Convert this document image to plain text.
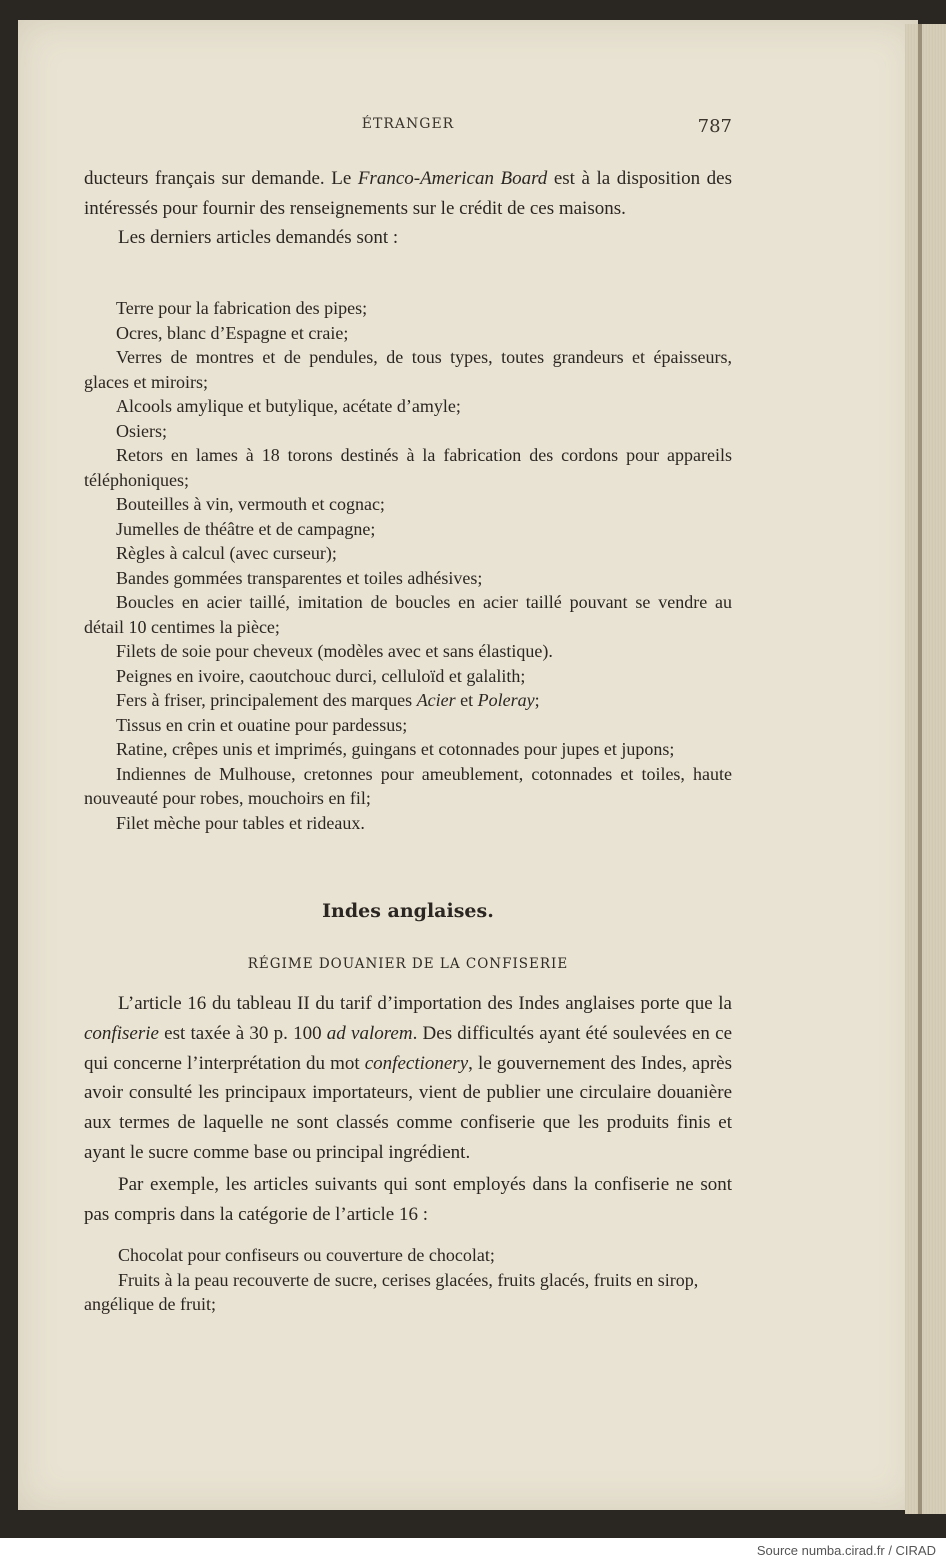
ÉTRANGER	787

ducteurs français sur demande. Le Franco-American Board est à la disposition des intéressés pour fournir des renseignements sur le crédit de ces maisons.

Les derniers articles demandés sont :

Terre pour la fabrication des pipes;
Ocres, blanc d’Espagne et craie;
Verres de montres et de pendules, de tous types, toutes grandeurs et épaisseurs, glaces et miroirs;
Alcools amylique et butylique, acétate d’amyle;
Osiers;
Retors en lames à 18 torons destinés à la fabrication des cordons pour appareils téléphoniques;
Bouteilles à vin, vermouth et cognac;
Jumelles de théâtre et de campagne;
Règles à calcul (avec curseur);
Bandes gommées transparentes et toiles adhésives;
Boucles en acier taillé, imitation de boucles en acier taillé pouvant se vendre au détail 10 centimes la pièce;
Filets de soie pour cheveux (modèles avec et sans élastique).
Peignes en ivoire, caoutchouc durci, celluloïd et galalith;
Fers à friser, principalement des marques Acier et Poleray;
Tissus en crin et ouatine pour pardessus;
Ratine, crêpes unis et imprimés, guingans et cotonnades pour jupes et jupons;
Indiennes de Mulhouse, cretonnes pour ameublement, cotonnades et toiles, haute nouveauté pour robes, mouchoirs en fil;
Filet mèche pour tables et rideaux.
Indes anglaises.
RÉGIME DOUANIER DE LA CONFISERIE

L’article 16 du tableau II du tarif d’importation des Indes anglaises porte que la confiserie est taxée à 30 p. 100 ad valorem. Des difficultés ayant été soulevées en ce qui concerne l’interprétation du mot confectionery, le gouvernement des Indes, après avoir consulté les principaux importateurs, vient de publier une circulaire douanière aux termes de laquelle ne sont classés comme confiserie que les produits finis et ayant le sucre comme base ou principal ingrédient.

Par exemple, les articles suivants qui sont employés dans la confiserie ne sont pas compris dans la catégorie de l’article 16 :

Chocolat pour confiseurs ou couverture de chocolat;
Fruits à la peau recouverte de sucre, cerises glacées, fruits glacés, fruits en sirop, angélique de fruit;
Source numba.cirad.fr / CIRAD
